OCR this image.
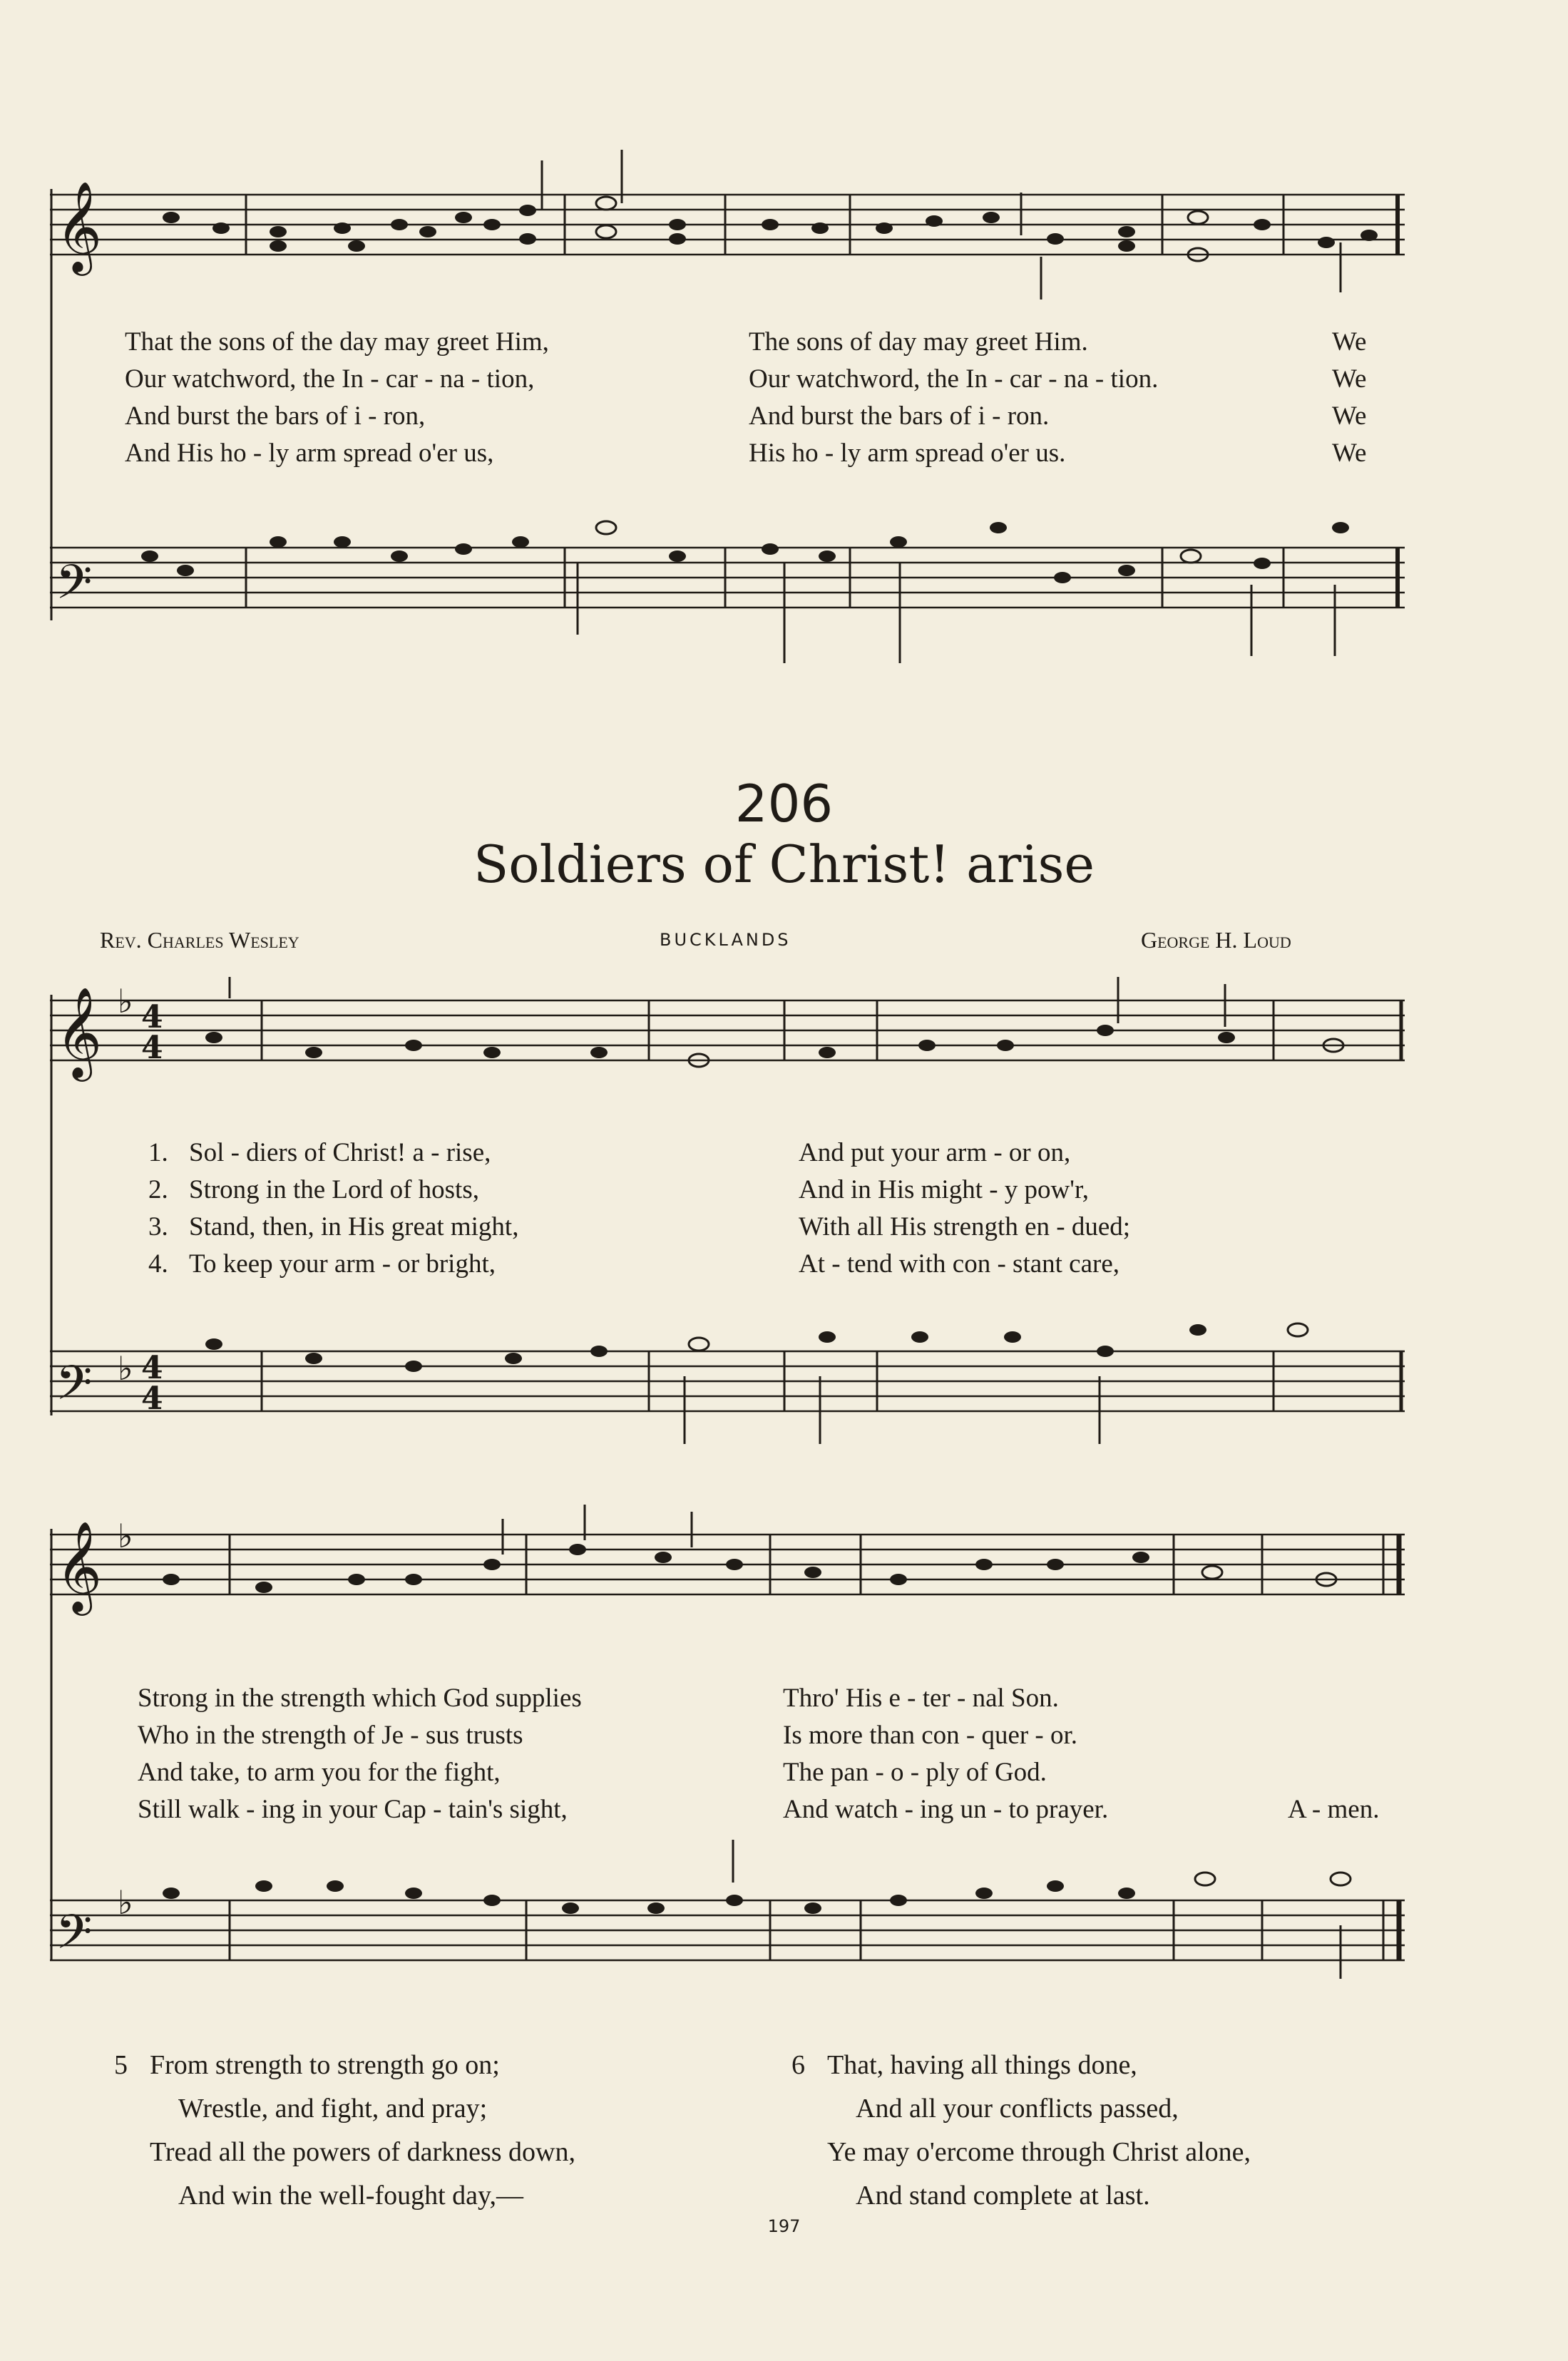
𝄞
𝄢
𝄞
𝄢
𝄞
𝄢
♭
♭
♭
♭
4
4
4
4
That the sons of the day may greet Him,	The sons of day may greet Him.	We
Our watchword, the In - car - na - tion,	Our watchword, the In - car - na - tion.	We
And burst the bars of i - ron,	And burst the bars of i - ron.	We
And His ho - ly arm spread o'er us,	His ho - ly arm spread o'er us.	We
206
Soldiers of Christ! arise
Rev. Charles Wesley	BUCKLANDS	George H. Loud
1. Sol - diers of Christ! a - rise,	And put your arm - or on,
2. Strong in the Lord of hosts,	And in His might - y pow'r,
3. Stand, then, in His great might,	With all His strength en - dued;
4. To keep your arm - or bright,	At - tend with con - stant care,
Strong in the strength which God supplies	Thro' His e - ter - nal Son.
Who in the strength of Je - sus trusts	Is more than con - quer - or.
And take, to arm you for the fight,	The pan - o - ply of God.
Still walk - ing in your Cap - tain's sight,	And watch - ing un - to prayer.	A - men.
5 From strength to strength go on;
Wrestle, and fight, and pray;
Tread all the powers of darkness down,
And win the well-fought day,—
6 That, having all things done,
And all your conflicts passed,
Ye may o'ercome through Christ alone,
And stand complete at last.
197
